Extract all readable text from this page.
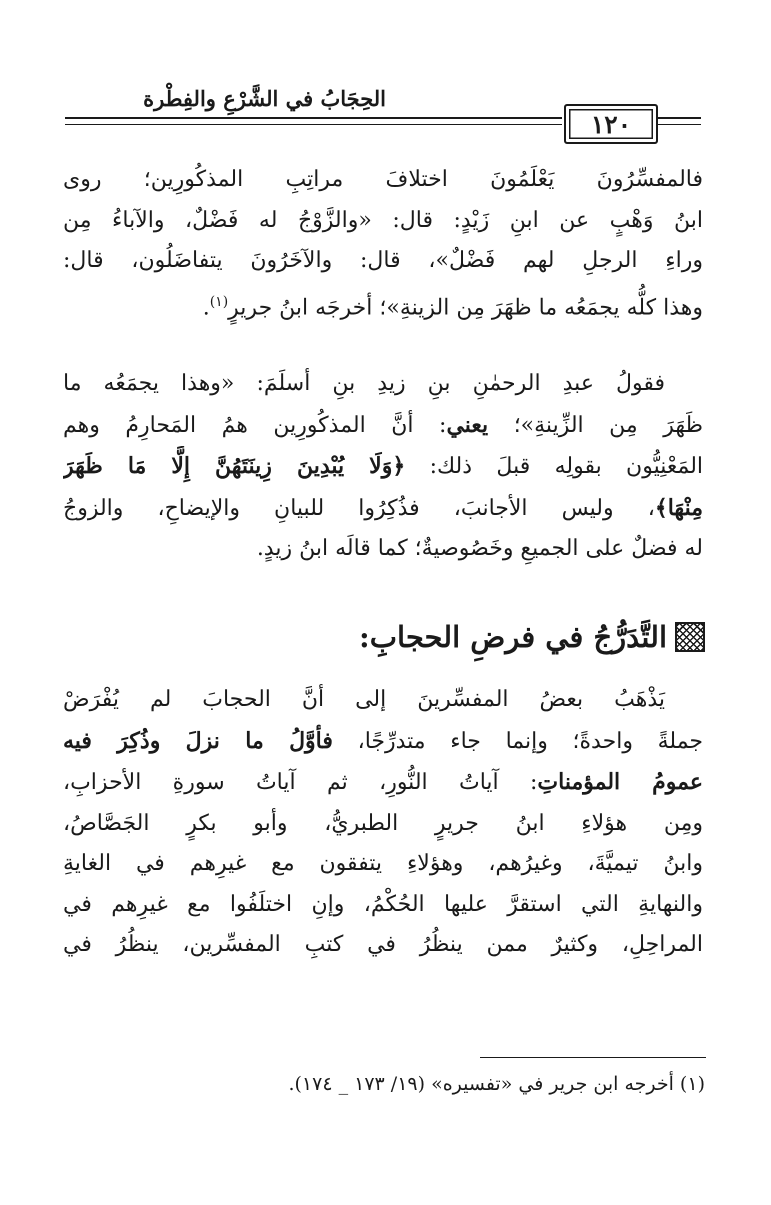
الحِجَابُ في الشَّرْعِ والفِطْرة
١٢٠
فالمفسِّرُونَ يَعْلَمُونَ اختلافَ مراتِبِ المذكُورِين؛ روى
ابنُ وَهْبٍ عن ابنِ زَيْدٍ: قال: «والزَّوْجُ له فَضْلٌ، والآباءُ مِن
وراءِ الرجلِ لهم فَضْلٌ»، قال: والآخَرُونَ يتفاضَلُون، قال:
وهذا كلُّه يجمَعُه ما ظهَرَ مِن الزينةِ»؛ أخرجَه ابنُ جريرٍ$^{(١)}$.
فقولُ عبدِ الرحمٰنِ بنِ زيدِ بنِ أسلَمَ: «وهذا يجمَعُه ما
ظَهَرَ مِن الزِّينةِ»؛ يعني: أنَّ المذكُورِين همُ المَحارِمُ وهم
المَعْنِيُّون بقولِه قبلَ ذلك: ﴿وَلَا يُبْدِينَ زِينَتَهُنَّ إِلَّا مَا ظَهَرَ
مِنْهَا﴾، وليس الأجانبَ، فذُكِرُوا للبيانِ والإيضاحِ، والزوجُ
له فضلٌ على الجميعِ وخَصُوصيةٌ؛ كما قالَه ابنُ زيدٍ.
التَّدَرُّجُ في فرضِ الحجابِ:
يَذْهَبُ بعضُ المفسِّرينَ إلى أنَّ الحجابَ لم يُفْرَضْ
جملةً واحدةً؛ وإنما جاء متدرِّجًا، فأوَّلُ ما نزلَ وذُكِرَ فيه
عمومُ المؤمناتِ: آياتُ النُّورِ، ثم آياتُ سورةِ الأحزابِ،
ومِن هؤلاءِ ابنُ جريرٍ الطبريُّ، وأبو بكرٍ الجَصَّاصُ،
وابنُ تيميَّةَ، وغيرُهم، وهؤلاءِ يتفقون مع غيرِهم في الغايةِ
والنهايةِ التي استقرَّ عليها الحُكْمُ، وإنِ اختلَفُوا مع غيرِهم في
المراحِلِ، وكثيرٌ ممن ينظُرُ في كتبِ المفسِّرين، ينظُرُ في
(١) أخرجه ابن جرير في «تفسيره» (١٩/ ١٧٣ _ ١٧٤).
